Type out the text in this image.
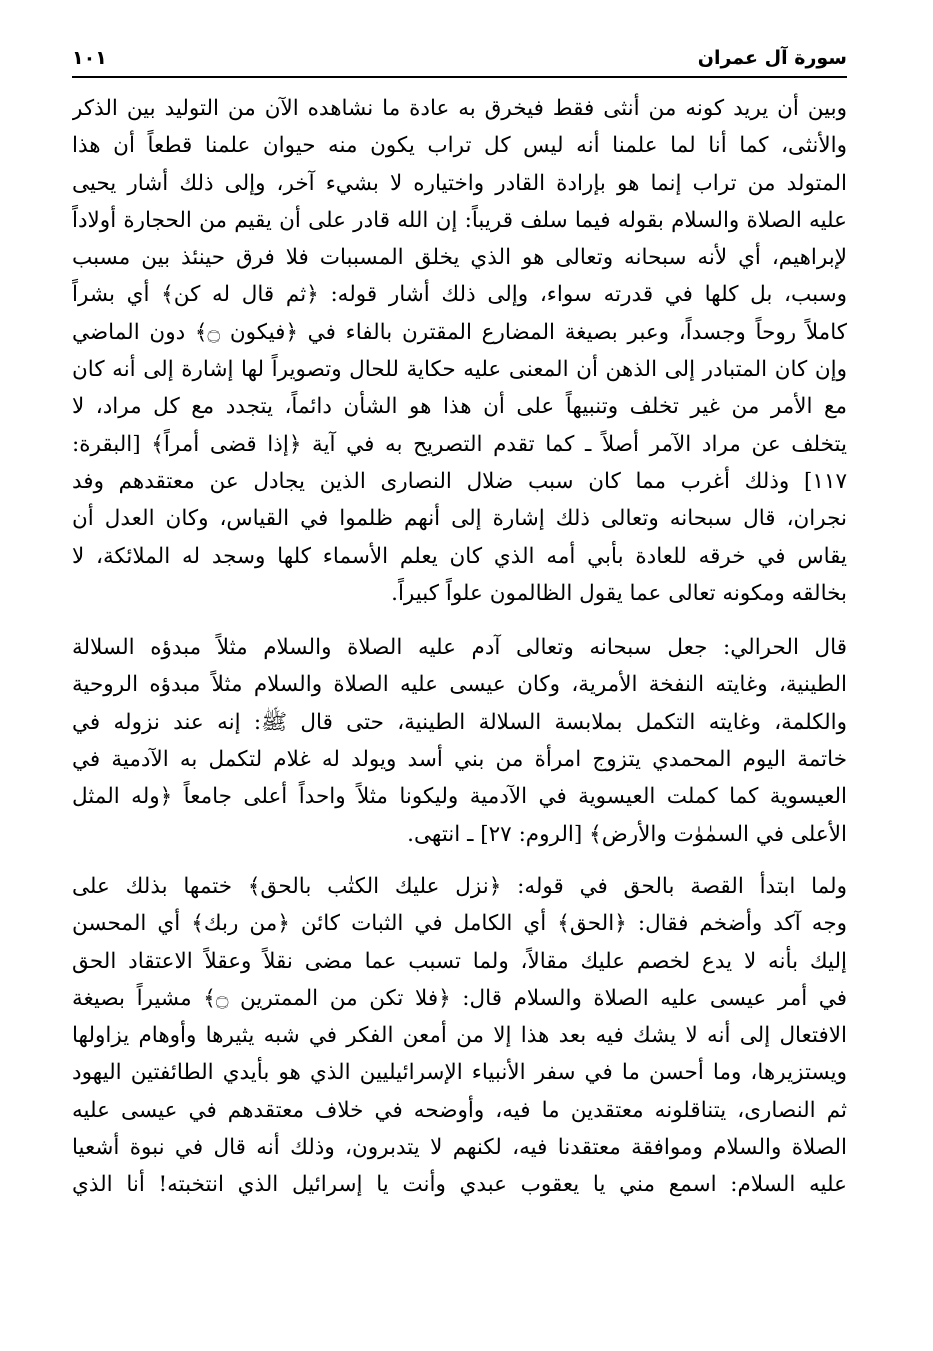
سورة آل عمران
١٠١
وبين أن يريد كونه من أنثى فقط فيخرق به عادة ما نشاهده الآن من التوليد بين الذكر
والأنثى، كما أنا لما علمنا أنه ليس كل تراب يكون منه حيوان علمنا قطعاً أن هذا
المتولد من تراب إنما هو بإرادة القادر واختياره لا بشيء آخر، وإلى ذلك أشار يحيى
عليه الصلاة والسلام بقوله فيما سلف قريباً: إن الله قادر على أن يقيم من الحجارة أولاداً
لإبراهيم، أي لأنه سبحانه وتعالى هو الذي يخلق المسببات فلا فرق حينئذ بين مسبب
وسبب، بل كلها في قدرته سواء، وإلى ذلك أشار قوله: ﴿ثم قال له كن﴾ أي بشراً
كاملاً روحاً وجسداً، وعبر بصيغة المضارع المقترن بالفاء في ﴿فيكون ۝﴾ دون الماضي
وإن كان المتبادر إلى الذهن أن المعنى عليه حكاية للحال وتصويراً لها إشارة إلى أنه كان
مع الأمر من غير تخلف وتنبيهاً على أن هذا هو الشأن دائماً، يتجدد مع كل مراد، لا
يتخلف عن مراد الآمر أصلاً ـ كما تقدم التصريح به في آية ﴿إذا قضى أمراً﴾ [البقرة:
١١٧] وذلك أغرب مما كان سبب ضلال النصارى الذين يجادل عن معتقدهم وفد
نجران، قال سبحانه وتعالى ذلك إشارة إلى أنهم ظلموا في القياس، وكان العدل أن
يقاس في خرقه للعادة بأبي أمه الذي كان يعلم الأسماء كلها وسجد له الملائكة، لا
بخالقه ومكونه تعالى عما يقول الظالمون علواً كبيراً.
قال الحرالي: جعل سبحانه وتعالى آدم عليه الصلاة والسلام مثلاً مبدؤه السلالة
الطينية، وغايته النفخة الأمرية، وكان عيسى عليه الصلاة والسلام مثلاً مبدؤه الروحية
والكلمة، وغايته التكمل بملابسة السلالة الطينية، حتى قال ﷺ: إنه عند نزوله في
خاتمة اليوم المحمدي يتزوج امرأة من بني أسد ويولد له غلام لتكمل به الآدمية في
العيسوية كما كملت العيسوية في الآدمية وليكونا مثلاً واحداً أعلى جامعاً ﴿وله المثل
الأعلى في السمٰوٰت والأرض﴾ [الروم: ٢٧] ـ انتهى.
ولما ابتدأ القصة بالحق في قوله: ﴿نزل عليك الكتٰب بالحق﴾ ختمها بذلك على
وجه آكد وأضخم فقال: ﴿الحق﴾ أي الكامل في الثبات كائن ﴿من ربك﴾ أي المحسن
إليك بأنه لا يدع لخصم عليك مقالاً، ولما تسبب عما مضى نقلاً وعقلاً الاعتقاد الحق
في أمر عيسى عليه الصلاة والسلام قال: ﴿فلا تكن من الممترين ۝﴾ مشيراً بصيغة
الافتعال إلى أنه لا يشك فيه بعد هذا إلا من أمعن الفكر في شبه يثيرها وأوهام يزاولها
ويستزيرها، وما أحسن ما في سفر الأنبياء الإسرائيليين الذي هو بأيدي الطائفتين اليهود
ثم النصارى، يتناقلونه معتقدين ما فيه، وأوضحه في خلاف معتقدهم في عيسى عليه
الصلاة والسلام وموافقة معتقدنا فيه، لكنهم لا يتدبرون، وذلك أنه قال في نبوة أشعيا
عليه السلام: اسمع مني يا يعقوب عبدي وأنت يا إسرائيل الذي انتخبته! أنا الذي
